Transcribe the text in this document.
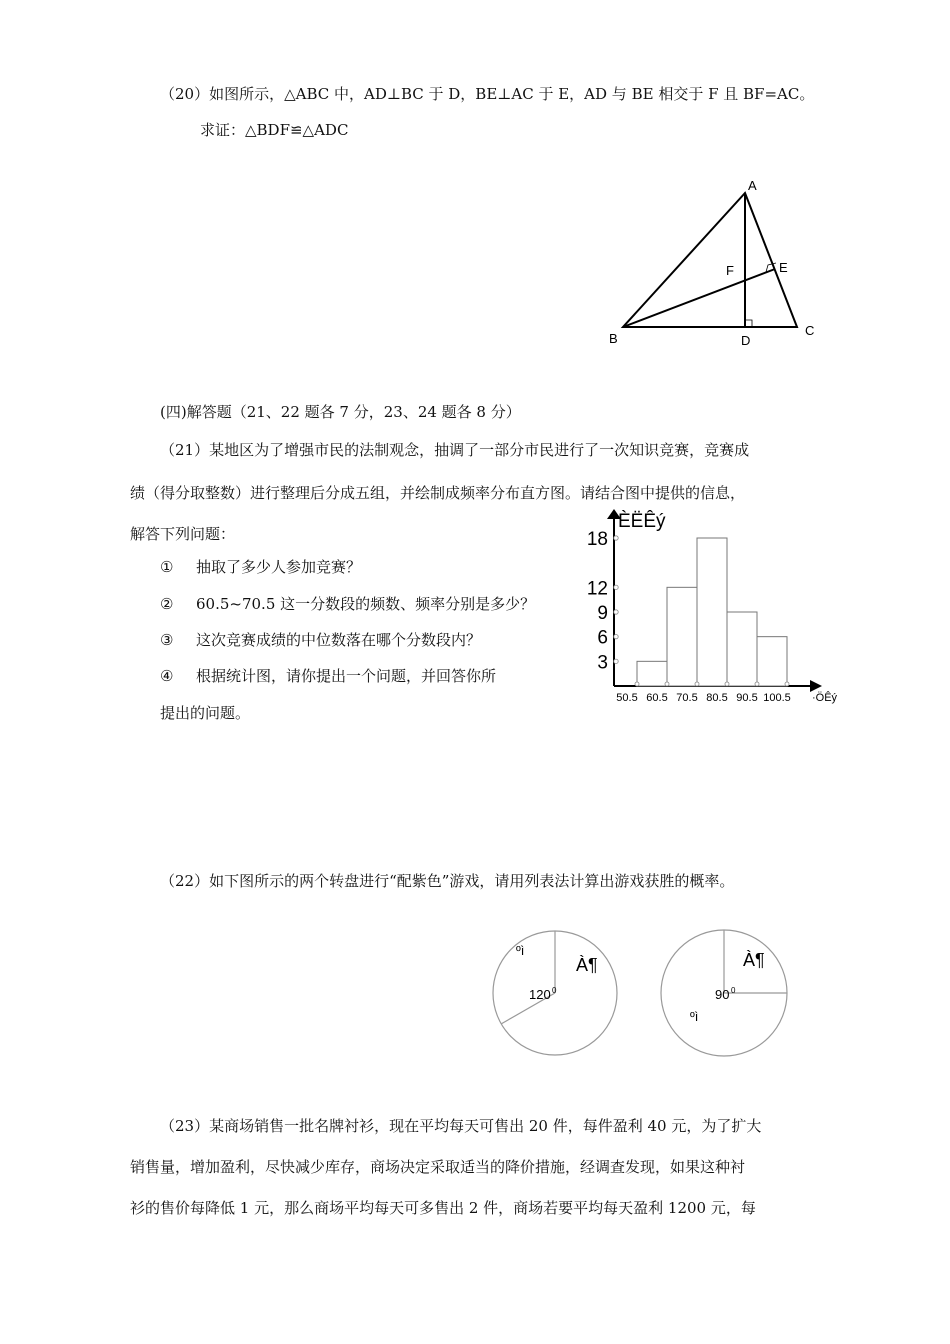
（20）如图所示，△ABC 中，AD⊥BC 于 D，BE⊥AC 于 E，AD 与 BE 相交于 F 且 BF=AC。
求证：△BDF≌△ADC
A
B
C
D
E
F
(四)解答题（21、22 题各 7 分，23、24 题各 8 分）
（21）某地区为了增强市民的法制观念，抽调了一部分市民进行了一次知识竞赛，竞赛成
绩（得分取整数）进行整理后分成五组，并绘制成频率分布直方图。请结合图中提供的信息，
解答下列问题：
① 抽取了多少人参加竞赛？
② 60.5~70.5 这一分数段的频数、频率分别是多少？
③ 这次竞赛成绩的中位数落在哪个分数段内？
④ 根据统计图，请你提出一个问题，并回答你所
提出的问题。
ÈËÊý
·ÖÊý
3
6
9
12
18
50.5 60.5 70.5 80.5 90.5 100.5
（22）如下图所示的两个转盘进行“配紫色”游戏，请用列表法计算出游戏获胜的概率。
ºì
À¶
120 0
À¶
90 0
ºì
（23）某商场销售一批名牌衬衫，现在平均每天可售出 20 件，每件盈利 40 元，为了扩大
销售量，增加盈利，尽快减少库存，商场决定采取适当的降价措施，经调查发现，如果这种衬
衫的售价每降低 1 元，那么商场平均每天可多售出 2 件，商场若要平均每天盈利 1200 元，每
